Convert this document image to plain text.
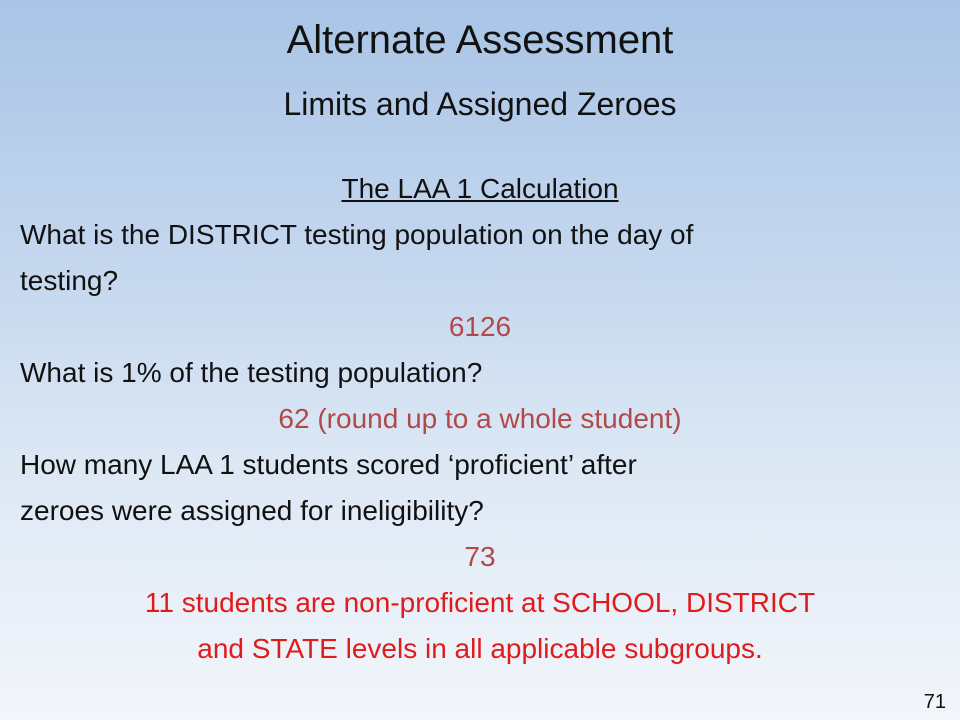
Alternate Assessment
Limits and Assigned Zeroes

The LAA 1 Calculation

What is the DISTRICT testing population on the day of

testing?

6126

What is 1% of the testing population?

62 (round up to a whole student)

How many LAA 1 students scored ‘proficient’ after

zeroes were assigned for ineligibility?

73

11 students are non-proficient at SCHOOL, DISTRICT

and STATE levels in all applicable subgroups.

71
